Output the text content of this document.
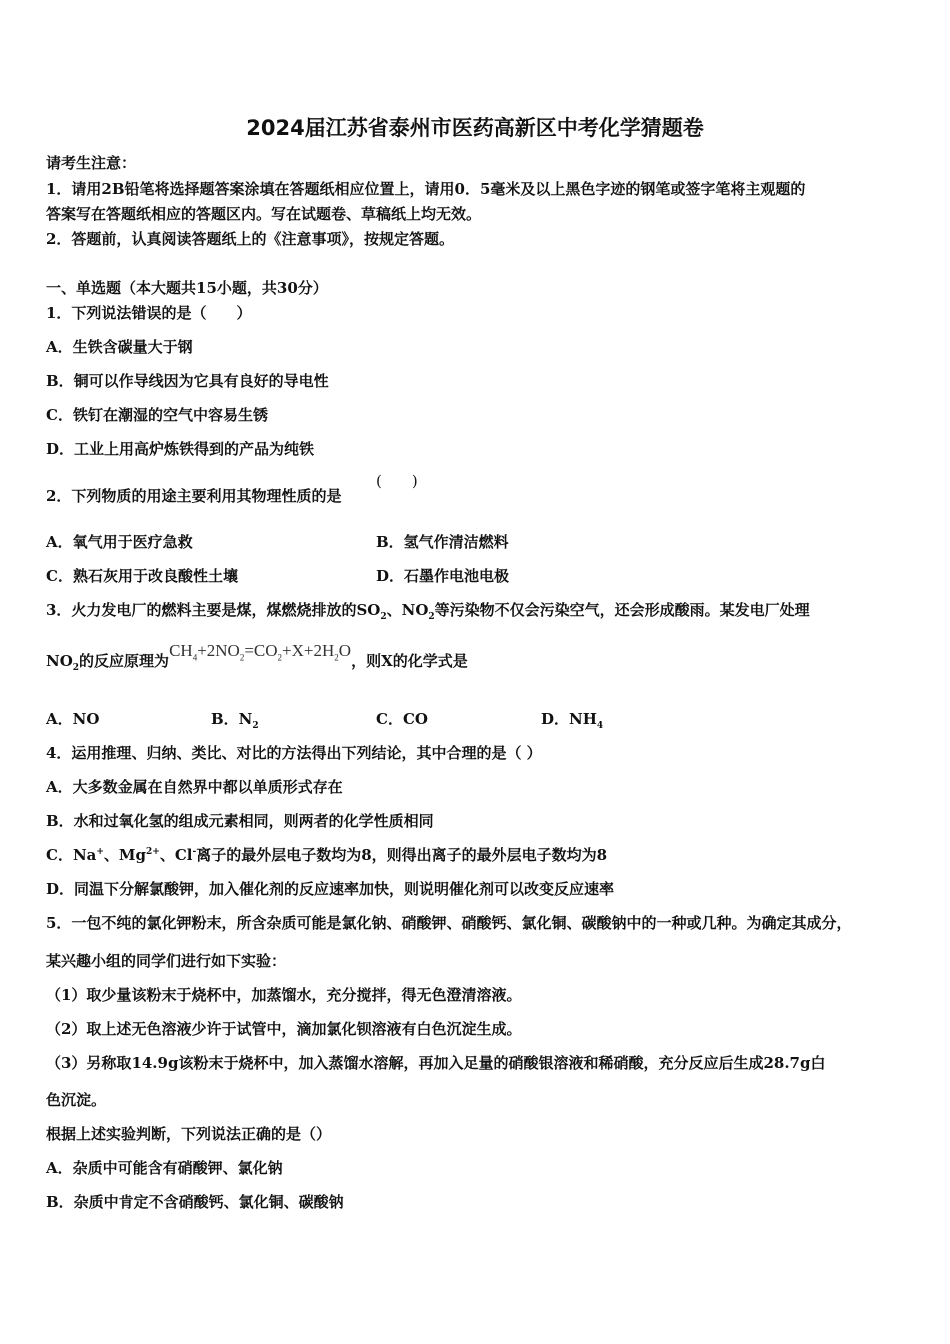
2024届江苏省泰州市医药高新区中考化学猜题卷
请考生注意：
1．请用2B铅笔将选择题答案涂填在答题纸相应位置上，请用0．5毫米及以上黑色字迹的钢笔或签字笔将主观题的
答案写在答题纸相应的答题区内。写在试题卷、草稿纸上均无效。
2．答题前，认真阅读答题纸上的《注意事项》，按规定答题。
一、单选题（本大题共15小题，共30分）
1．下列说法错误的是（　　）
A．生铁含碳量大于钢
B．铜可以作导线因为它具有良好的导电性
C．铁钉在潮湿的空气中容易生锈
D．工业上用高炉炼铁得到的产品为纯铁
2．下列物质的用途主要利用其物理性质的是
(　　)
A．氧气用于医疗急救	B．氢气作清洁燃料
C．熟石灰用于改良酸性土壤	D．石墨作电池电极
3．火力发电厂的燃料主要是煤，煤燃烧排放的$SO_2$、$NO_2$等污染物不仅会污染空气，还会形成酸雨。某发电厂处理
$NO_2$的反应原理为$CH_4+2NO_2=CO_2+X+2H_2O$，则X的化学式是
A．NO	B．$N_2$	C．CO	D．$NH_4$
4．运用推理、归纳、类比、对比的方法得出下列结论，其中合理的是（ ）
A．大多数金属在自然界中都以单质形式存在
B．水和过氧化氢的组成元素相同，则两者的化学性质相同
C．Na+、$Mg^{2+}$、Cl-离子的最外层电子数均为8，则得出离子的最外层电子数均为8
D．同温下分解氯酸钾，加入催化剂的反应速率加快，则说明催化剂可以改变反应速率
5．一包不纯的氯化钾粉末，所含杂质可能是氯化钠、硝酸钾、硝酸钙、氯化铜、碳酸钠中的一种或几种。为确定其成分，
某兴趣小组的同学们进行如下实验：
（1）取少量该粉末于烧杯中，加蒸馏水，充分搅拌，得无色澄清溶液。
（2）取上述无色溶液少许于试管中，滴加氯化钡溶液有白色沉淀生成。
（3）另称取14.9g该粉末于烧杯中，加入蒸馏水溶解，再加入足量的硝酸银溶液和稀硝酸，充分反应后生成28.7g白
色沉淀。
根据上述实验判断，下列说法正确的是（）
A．杂质中可能含有硝酸钾、氯化钠
B．杂质中肯定不含硝酸钙、氯化铜、碳酸钠
